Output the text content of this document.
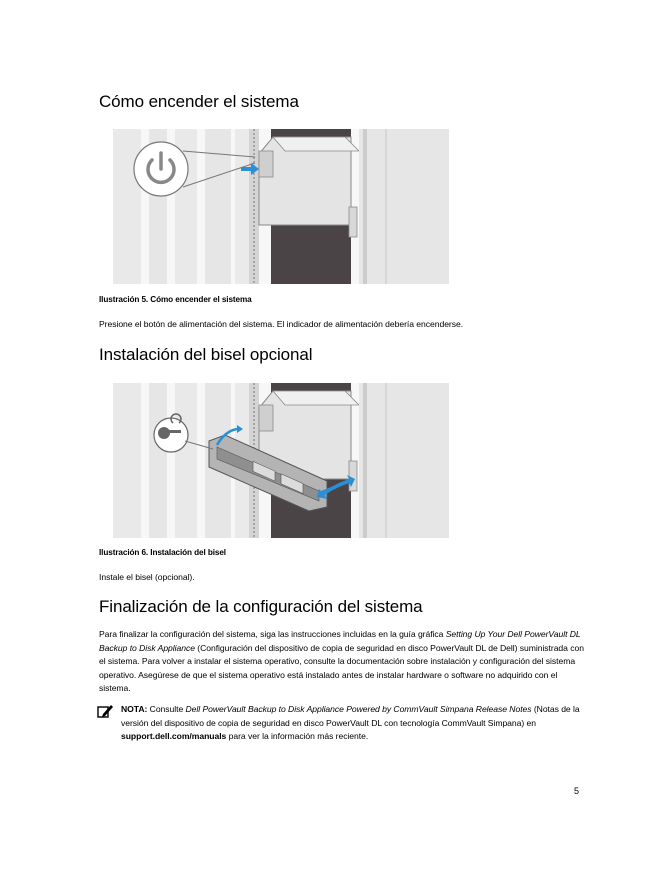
Cómo encender el sistema

Ilustración 5. Cómo encender el sistema

Presione el botón de alimentación del sistema. El indicador de alimentación debería encenderse.

Instalación del bisel opcional

Ilustración 6. Instalación del bisel

Instale el bisel (opcional).

Finalización de la configuración del sistema

Para finalizar la configuración del sistema, siga las instrucciones incluidas en la guía gráfica Setting Up Your Dell PowerVault DL Backup to Disk Appliance (Configuración del dispositivo de copia de seguridad en disco PowerVault DL de Dell) suministrada con el sistema. Para volver a instalar el sistema operativo, consulte la documentación sobre instalación y configuración del sistema operativo. Asegúrese de que el sistema operativo está instalado antes de instalar hardware o software no adquirido con el sistema.

NOTA: Consulte Dell PowerVault Backup to Disk Appliance Powered by CommVault Simpana Release Notes (Notas de la versión del dispositivo de copia de seguridad en disco PowerVault DL con tecnología CommVault Simpana) en support.dell.com/manuals para ver la información más reciente.

5
